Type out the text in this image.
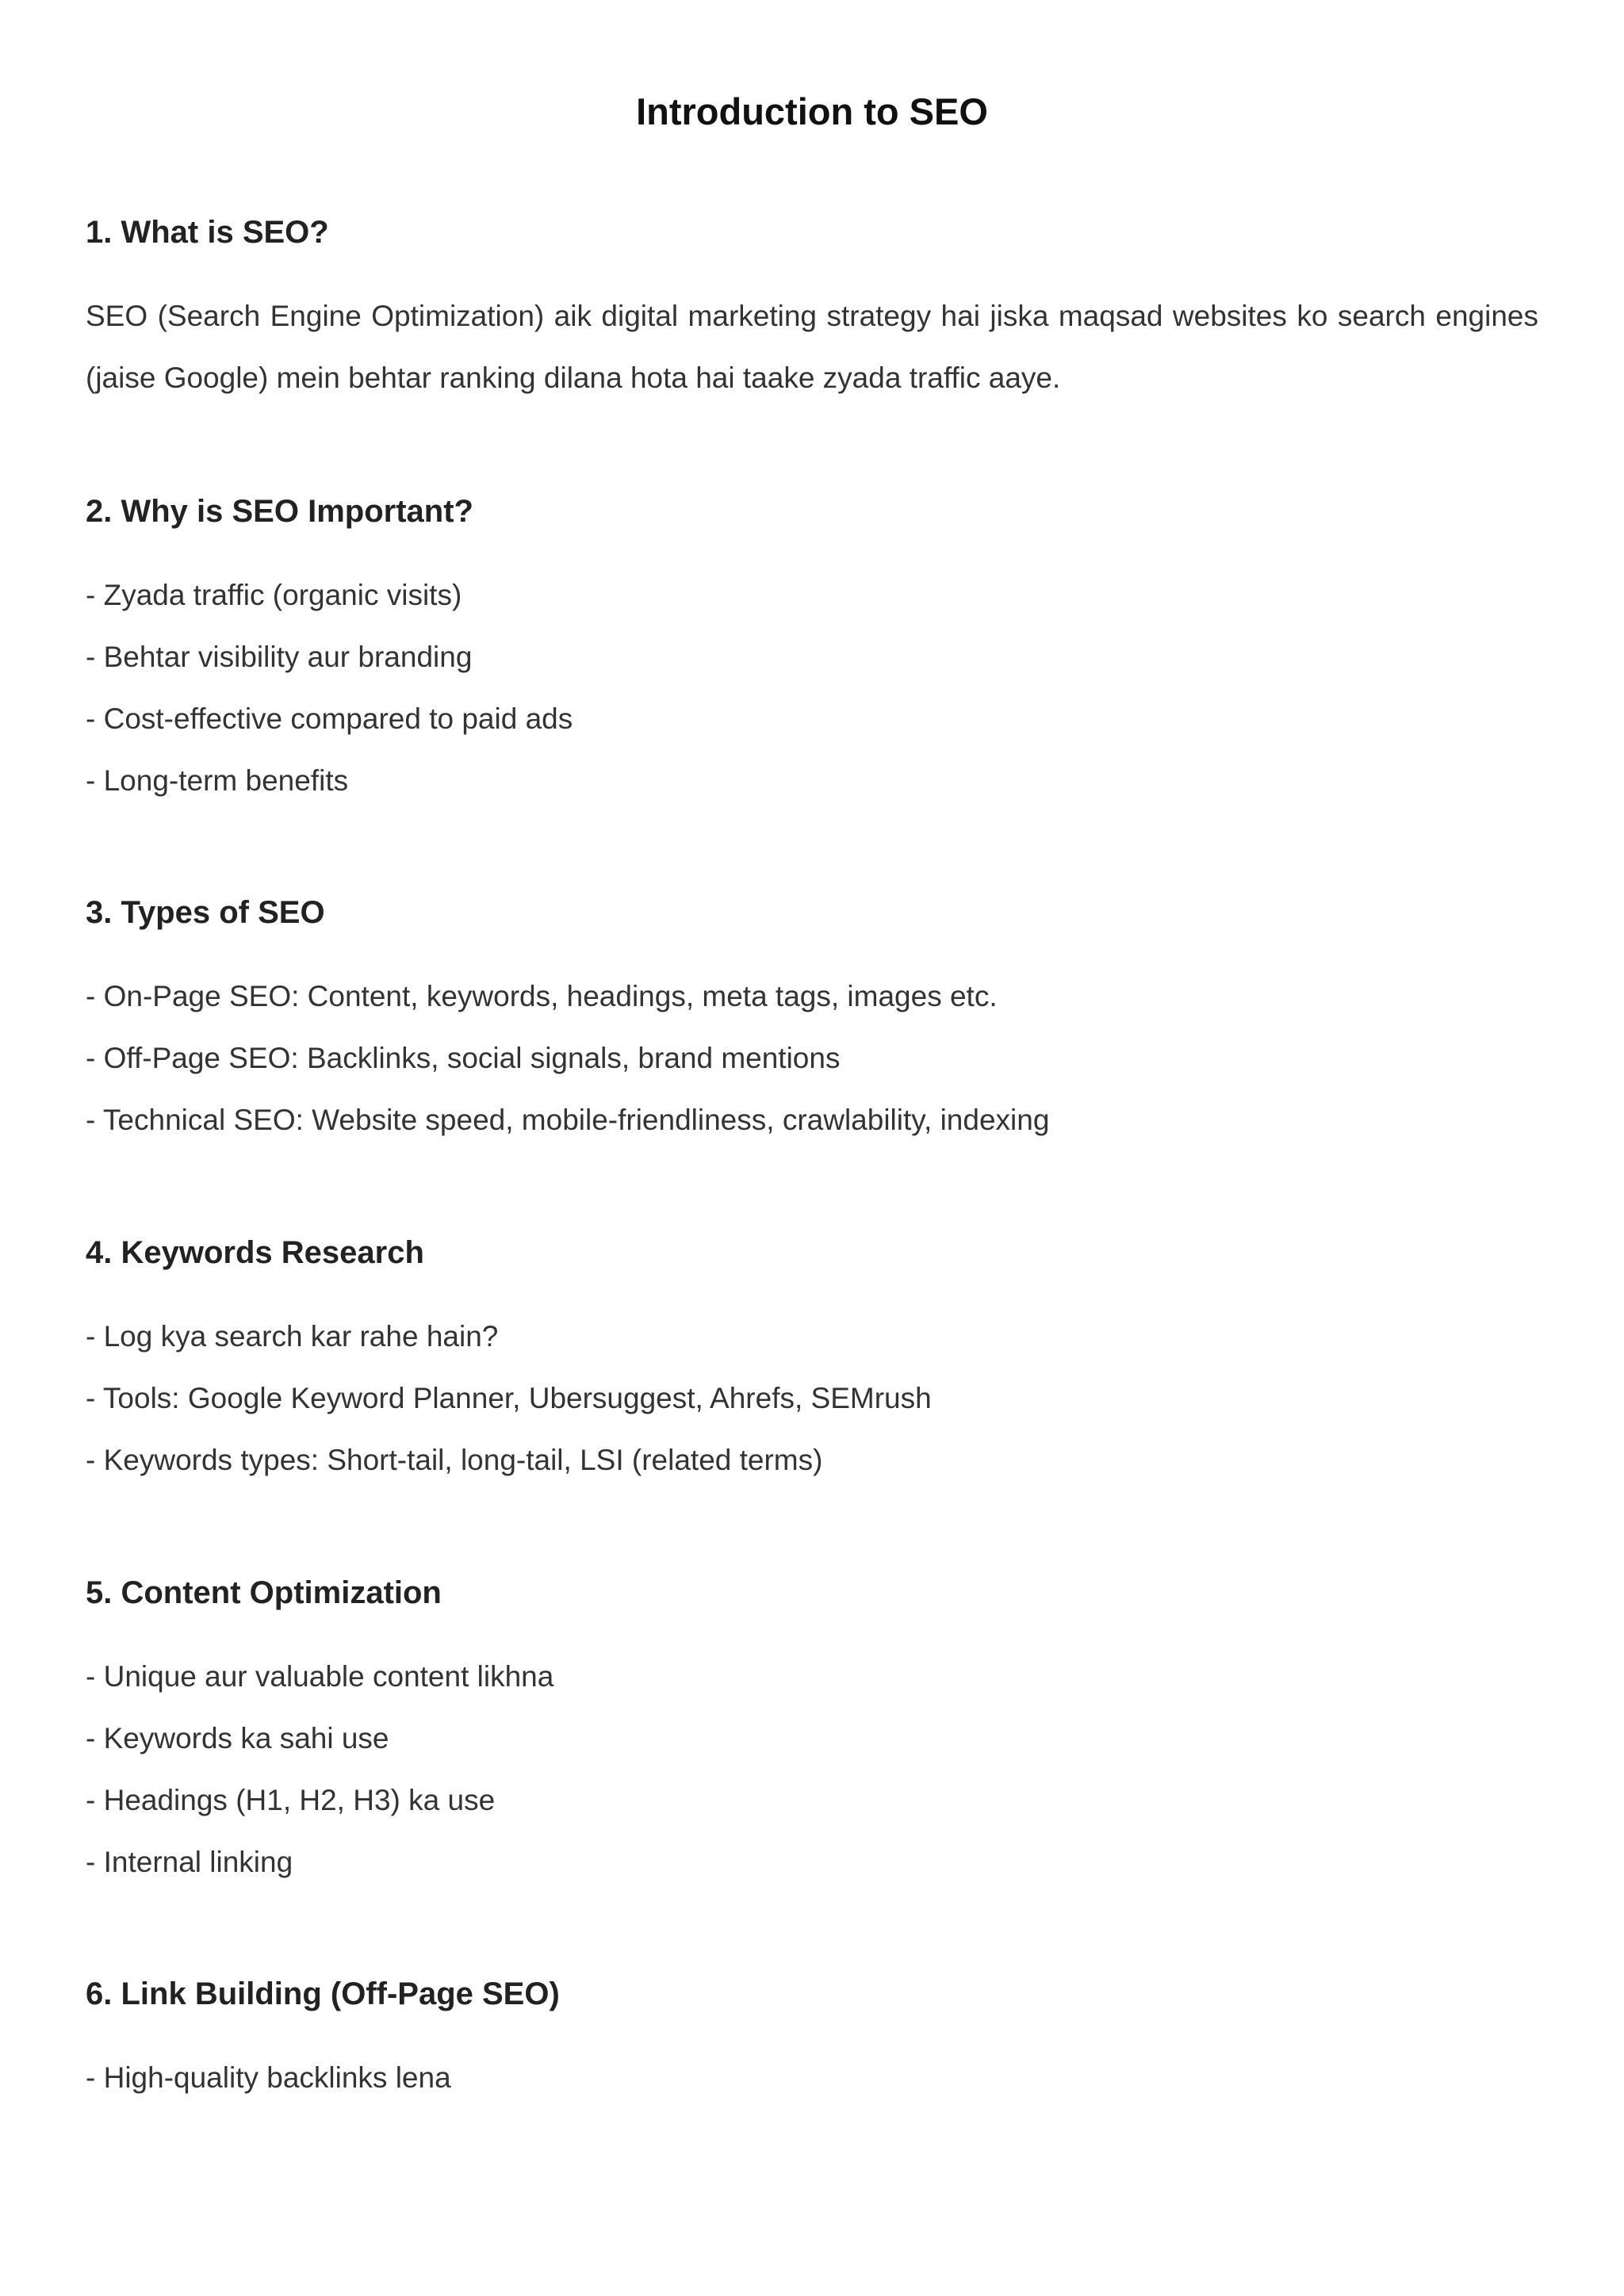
Introduction to SEO
1. What is SEO?

SEO (Search Engine Optimization) aik digital marketing strategy hai jiska maqsad websites ko search engines (jaise Google) mein behtar ranking dilana hota hai taake zyada traffic aaye.

2. Why is SEO Important?
- Zyada traffic (organic visits)
- Behtar visibility aur branding
- Cost-effective compared to paid ads
- Long-term benefits
3. Types of SEO
- On-Page SEO: Content, keywords, headings, meta tags, images etc.
- Off-Page SEO: Backlinks, social signals, brand mentions
- Technical SEO: Website speed, mobile-friendliness, crawlability, indexing
4. Keywords Research
- Log kya search kar rahe hain?
- Tools: Google Keyword Planner, Ubersuggest, Ahrefs, SEMrush
- Keywords types: Short-tail, long-tail, LSI (related terms)
5. Content Optimization
- Unique aur valuable content likhna
- Keywords ka sahi use
- Headings (H1, H2, H3) ka use
- Internal linking
6. Link Building (Off-Page SEO)
- High-quality backlinks lena
